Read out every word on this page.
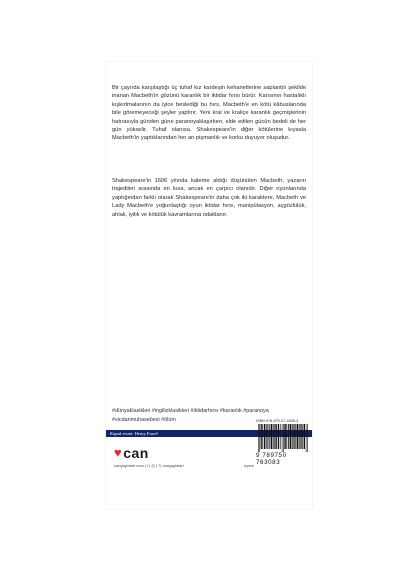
Bir çayırda karşılaştığı üç tuhaf kız kardeşin kehanetlerine saplantılı şekilde inanan Macbeth'in gözünü karanlık bir iktidar hırsı bürür. Karısının hastalıklı kışkırtmalarının da iyice beslediği bu hırs, Macbeth'e en kötü kâbuslarında bile göremeyeceği şeyler yaptırır. Yeni kral ve kraliçe karanlık geçmişlerinin hatırasıyla günden güne paranoyaklaşırken, elde edilen gücün bedeli de her gün yükselir. Tuhaf olanısa, Shakespeare'in diğer kötülerine kıyasla Macbeth'in yaptıklarından her an pişmanlık ve korku duyuyor oluşudur.

Shakespeare'in 1606 yılında kaleme aldığı düşünülen Macbeth, yazarın trajedileri arasında en kısa, ancak en çarpıcı olanıdır. Diğer oyunlarında yaptığından farklı olarak Shakespeare'in daha çok iki karaktere, Macbeth ve Lady Macbeth'e yoğunlaştığı oyun iktidar hırsı, manipülasyon, açgözlülük, ahlak, iyilik ve kötülük kavramlarına odaklanır.

#dünyaklasikleri #ingilizklasikleri #iktidarhırsı #karanlık #paranoya #vicdanmuhasebesi #ölüm
Kapak resmi: Henry Fuseli
♥can
canyayinlari.com | f | ◎ | 𝕏 canyayinlari	eyam
ISBN 978-975-07-4308-3
9 789750 763083
